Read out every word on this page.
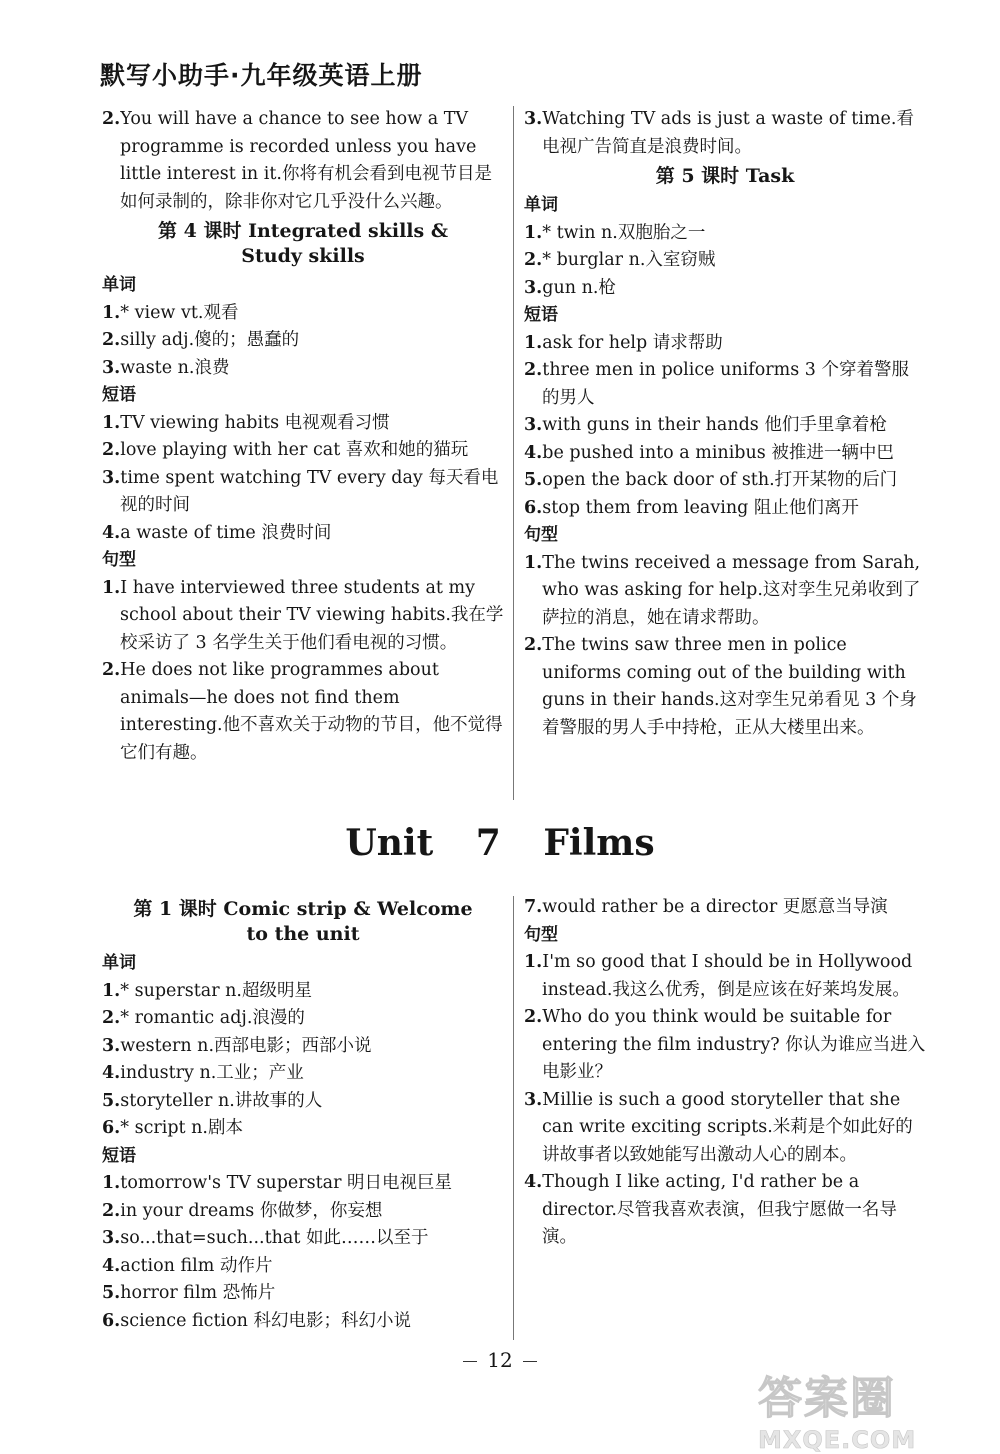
默写小助手·九年级英语上册

2.You will have a chance to see how a TV programme is recorded unless you have little interest in it.你将有机会看到电视节目是如何录制的，除非你对它几乎没什么兴趣。

第 4 课时 Integrated skills &

Study skills

单词

1.* view vt.观看

2.silly adj.傻的；愚蠢的

3.waste n.浪费

短语

1.TV viewing habits 电视观看习惯

2.love playing with her cat 喜欢和她的猫玩

3.time spent watching TV every day 每天看电视的时间

4.a waste of time 浪费时间

句型

1.I have interviewed three students at my school about their TV viewing habits.我在学校采访了 3 名学生关于他们看电视的习惯。

2.He does not like programmes about animals—he does not find them interesting.他不喜欢关于动物的节目，他不觉得它们有趣。

3.Watching TV ads is just a waste of time.看电视广告简直是浪费时间。

第 5 课时 Task

单词

1.* twin n.双胞胎之一

2.* burglar n.入室窃贼

3.gun n.枪

短语

1.ask for help 请求帮助

2.three men in police uniforms 3 个穿着警服的男人

3.with guns in their hands 他们手里拿着枪

4.be pushed into a minibus 被推进一辆中巴

5.open the back door of sth.打开某物的后门

6.stop them from leaving 阻止他们离开

句型

1.The twins received a message from Sarah, who was asking for help.这对孪生兄弟收到了萨拉的消息，她在请求帮助。

2.The twins saw three men in police uniforms coming out of the building with guns in their hands.这对孪生兄弟看见 3 个身着警服的男人手中持枪，正从大楼里出来。

Unit 7 Films

第 1 课时 Comic strip & Welcome

to the unit

单词

1.* superstar n.超级明星

2.* romantic adj.浪漫的

3.western n.西部电影；西部小说

4.industry n.工业；产业

5.storyteller n.讲故事的人

6.* script n.剧本

短语

1.tomorrow's TV superstar 明日电视巨星

2.in your dreams 你做梦，你妄想

3.so...that=such...that 如此……以至于

4.action film 动作片

5.horror film 恐怖片

6.science fiction 科幻电影；科幻小说

7.would rather be a director 更愿意当导演

句型

1.I'm so good that I should be in Hollywood instead.我这么优秀，倒是应该在好莱坞发展。

2.Who do you think would be suitable for entering the film industry? 你认为谁应当进入电影业？

3.Millie is such a good storyteller that she can write exciting scripts.米莉是个如此好的讲故事者以致她能写出激动人心的剧本。

4.Though I like acting, I'd rather be a director.尽管我喜欢表演，但我宁愿做一名导演。

12
答案圈
MXQE.COM
